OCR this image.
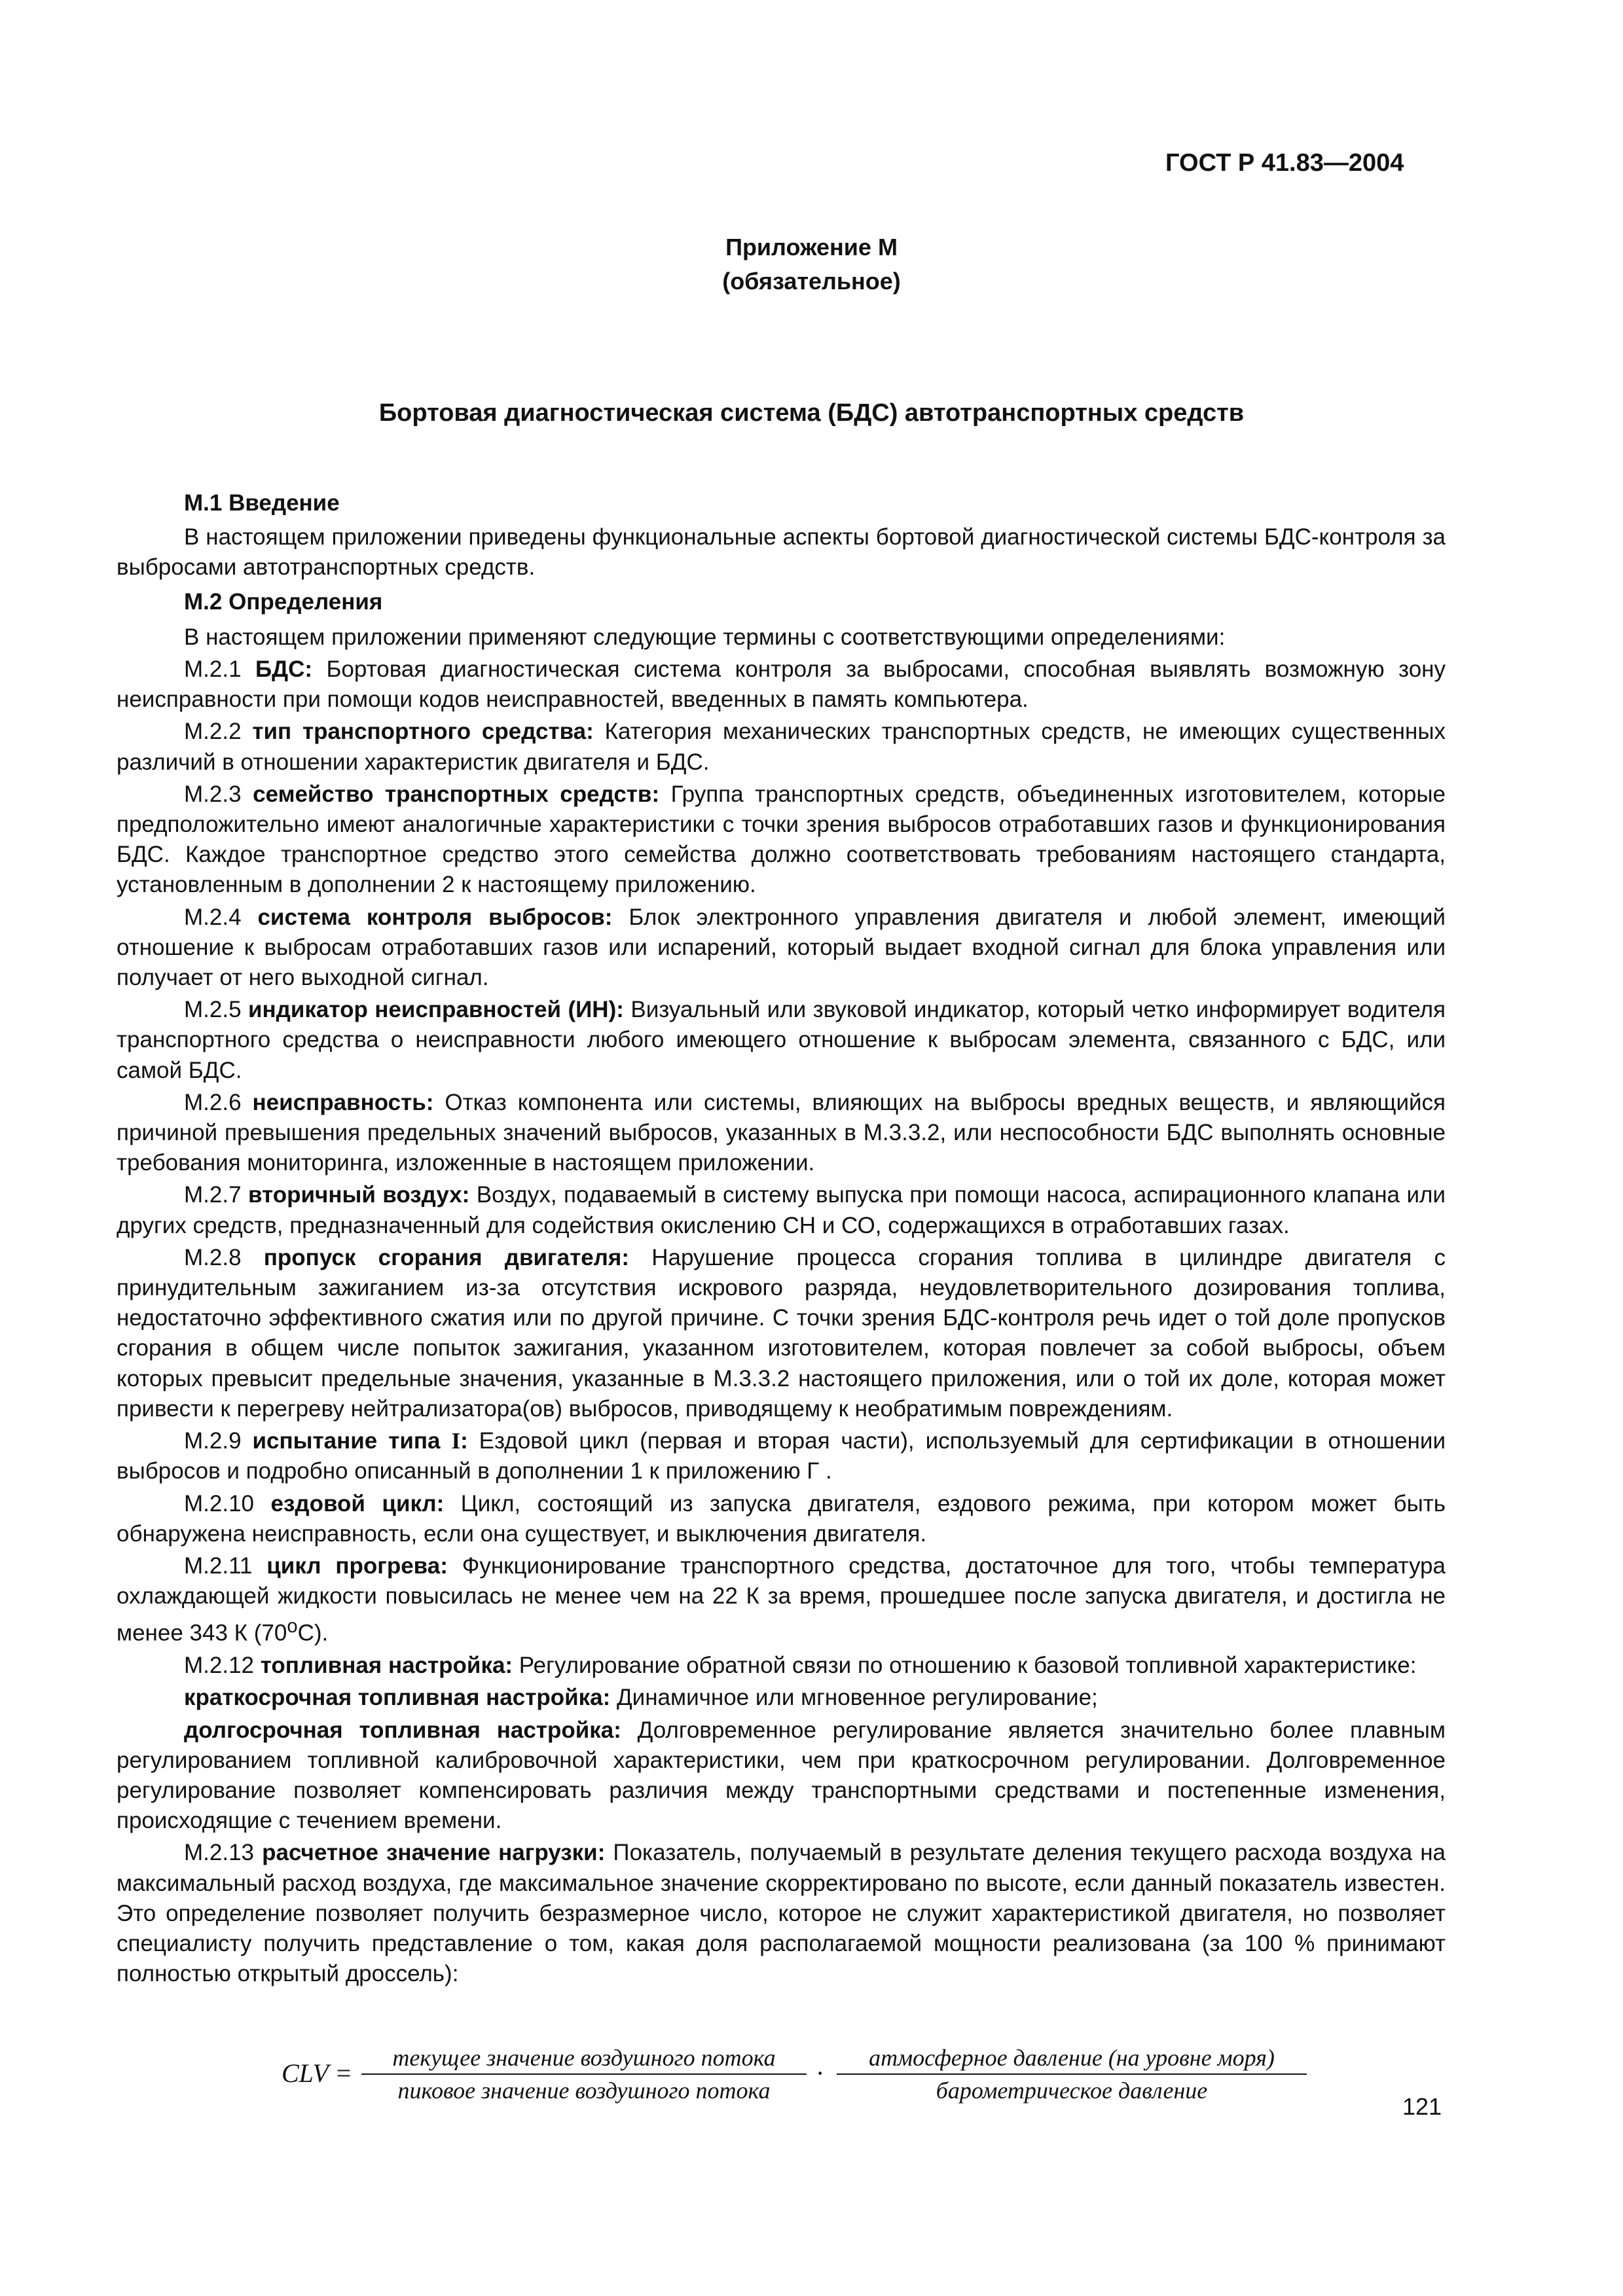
ГОСТ Р 41.83—2004
Приложение М
(обязательное)
Бортовая диагностическая система (БДС) автотранспортных средств

М.1 Введение

В настоящем приложении приведены функциональные аспекты бортовой диагностической системы БДС-контроля за выбросами автотранспортных средств.

М.2 Определения

В настоящем приложении применяют следующие термины с соответствующими определениями:

М.2.1 БДС: Бортовая диагностическая система контроля за выбросами, способная выявлять возможную зону неисправности при помощи кодов неисправностей, введенных в память компьютера.

М.2.2 тип транспортного средства: Категория механических транспортных средств, не имеющих существенных различий в отношении характеристик двигателя и БДС.

М.2.3 семейство транспортных средств: Группа транспортных средств, объединенных изготовителем, которые предположительно имеют аналогичные характеристики с точки зрения выбросов отработавших газов и функционирования БДС. Каждое транспортное средство этого семейства должно соответствовать требованиям настоящего стандарта, установленным в дополнении 2 к настоящему приложению.

М.2.4 система контроля выбросов: Блок электронного управления двигателя и любой элемент, имеющий отношение к выбросам отработавших газов или испарений, который выдает входной сигнал для блока управления или получает от него выходной сигнал.

М.2.5 индикатор неисправностей (ИН): Визуальный или звуковой индикатор, который четко информирует водителя транспортного средства о неисправности любого имеющего отношение к выбросам элемента, связанного с БДС, или самой БДС.

М.2.6 неисправность: Отказ компонента или системы, влияющих на выбросы вредных веществ, и являющийся причиной превышения предельных значений выбросов, указанных в М.3.3.2, или неспособности БДС выполнять основные требования мониторинга, изложенные в настоящем приложении.

М.2.7 вторичный воздух: Воздух, подаваемый в систему выпуска при помощи насоса, аспирационного клапана или других средств, предназначенный для содействия окислению СН и СО, содержащихся в отработавших газах.

М.2.8 пропуск сгорания двигателя: Нарушение процесса сгорания топлива в цилиндре двигателя с принудительным зажиганием из-за отсутствия искрового разряда, неудовлетворительного дозирования топлива, недостаточно эффективного сжатия или по другой причине. С точки зрения БДС-контроля речь идет о той доле пропусков сгорания в общем числе попыток зажигания, указанном изготовителем, которая повлечет за собой выбросы, объем которых превысит предельные значения, указанные в М.3.3.2 настоящего приложения, или о той их доле, которая может привести к перегреву нейтрализатора(ов) выбросов, приводящему к необратимым повреждениям.

М.2.9 испытание типа I: Ездовой цикл (первая и вторая части), используемый для сертификации в отношении выбросов и подробно описанный в дополнении 1 к приложению Г .

М.2.10 ездовой цикл: Цикл, состоящий из запуска двигателя, ездового режима, при котором может быть обнаружена неисправность, если она существует, и выключения двигателя.

М.2.11 цикл прогрева: Функционирование транспортного средства, достаточное для того, чтобы температура охлаждающей жидкости повысилась не менее чем на 22 К за время, прошедшее после запуска двигателя, и достигла не менее 343 К $(70^оС)$.

М.2.12 топливная настройка: Регулирование обратной связи по отношению к базовой топливной характеристике:

краткосрочная топливная настройка: Динамичное или мгновенное регулирование;

долгосрочная топливная настройка: Долговременное регулирование является значительно более плавным регулированием топливной калибровочной характеристики, чем при краткосрочном регулировании. Долговременное регулирование позволяет компенсировать различия между транспортными средствами и постепенные изменения, происходящие с течением времени.

М.2.13 расчетное значение нагрузки: Показатель, получаемый в результате деления текущего расхода воздуха на максимальный расход воздуха, где максимальное значение скорректировано по высоте, если данный показатель известен. Это определение позволяет получить безразмерное число, которое не служит характеристикой двигателя, но позволяет специалисту получить представление о том, какая доля располагаемой мощности реализована (за 100 % принимают полностью открытый дроссель):

CLV =
текущее значение воздушного потока
пиковое значение воздушного потока
·
атмосферное давление (на уровне моря)
барометрическое давление
121
